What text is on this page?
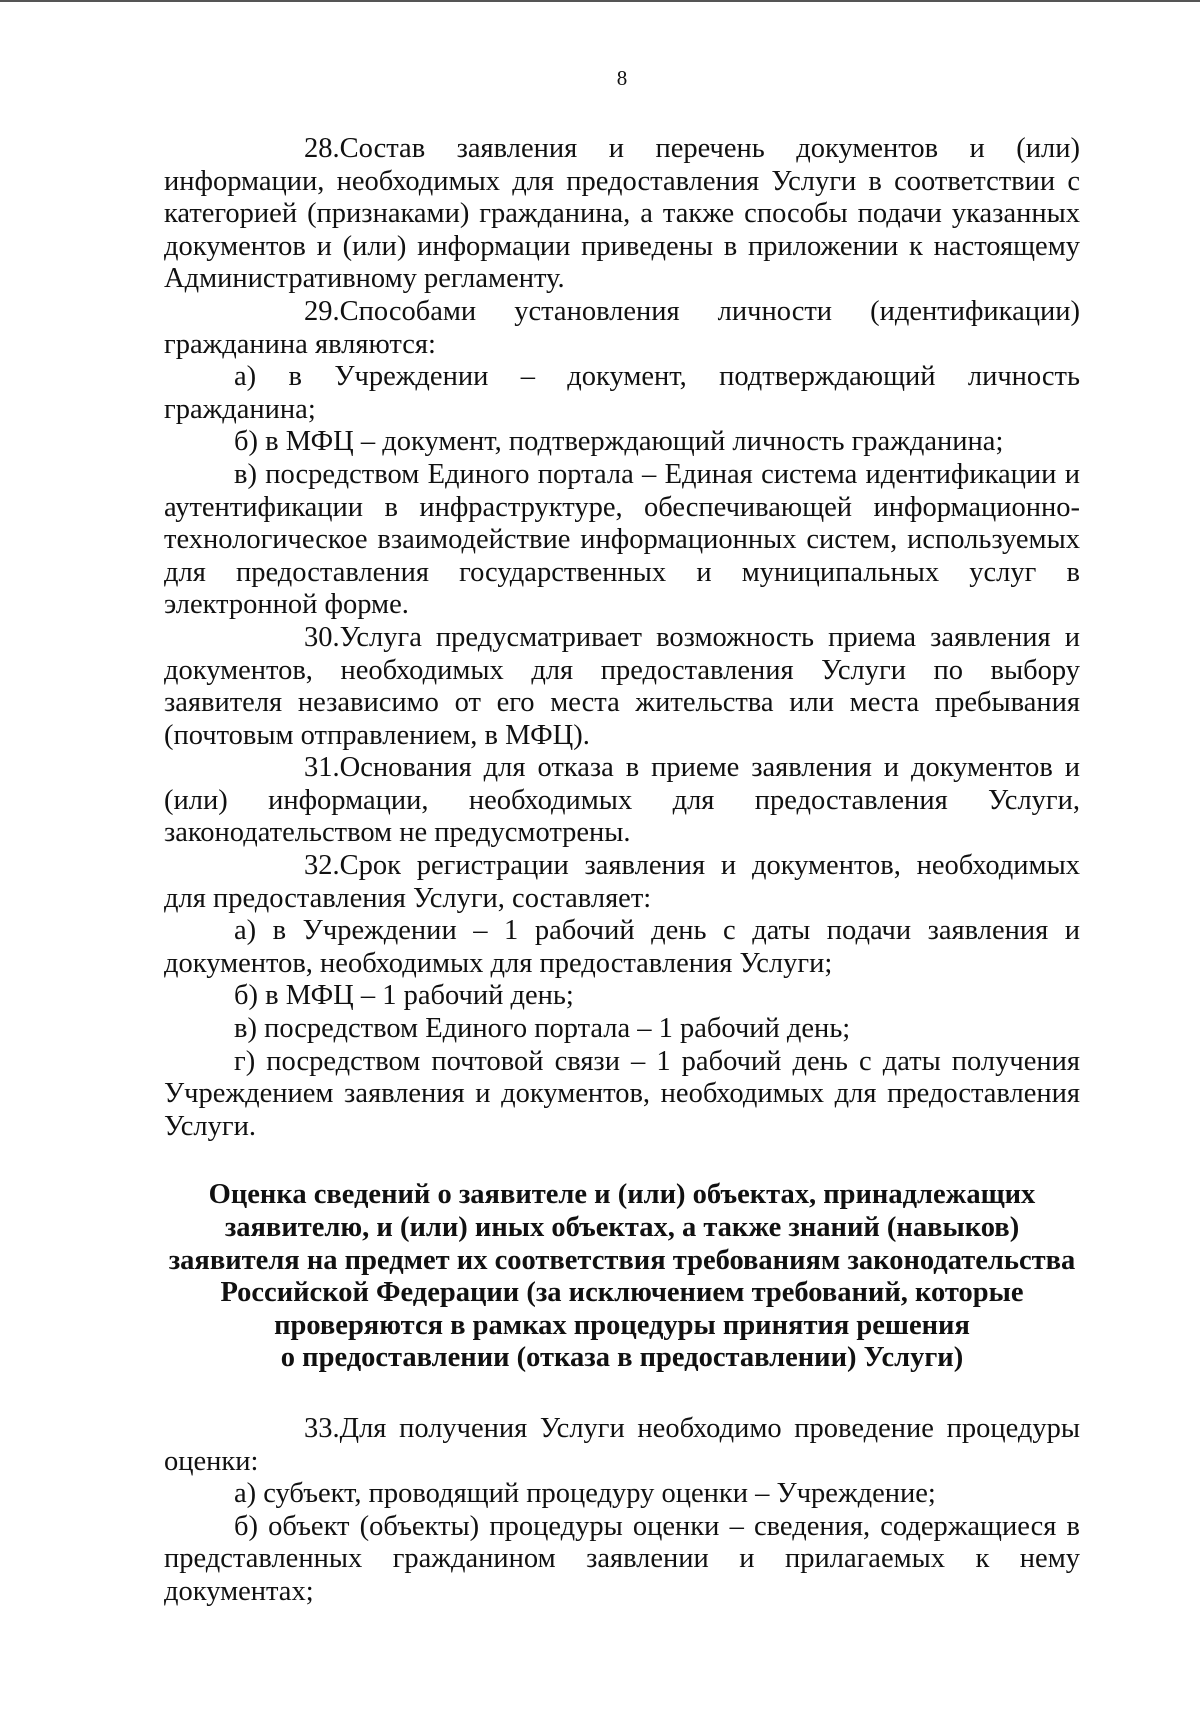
8

28.Состав заявления и перечень документов и (или) информации, необходимых для предоставления Услуги в соответствии с категорией (признаками) гражданина, а также способы подачи указанных документов и (или) информации приведены в приложении к настоящему Административному регламенту.

29.Способами установления личности (идентификации) гражданина являются:

а) в Учреждении – документ, подтверждающий личность гражданина;

б) в МФЦ – документ, подтверждающий личность гражданина;

в) посредством Единого портала – Единая система идентификации и аутентификации в инфраструктуре, обеспечивающей информационно-технологическое взаимодействие информационных систем, используемых для предоставления государственных и муниципальных услуг в электронной форме.

30.Услуга предусматривает возможность приема заявления и документов, необходимых для предоставления Услуги по выбору заявителя независимо от его места жительства или места пребывания (почтовым отправлением, в МФЦ).

31.Основания для отказа в приеме заявления и документов и (или) информации, необходимых для предоставления Услуги, законодательством не предусмотрены.

32.Срок регистрации заявления и документов, необходимых для предоставления Услуги, составляет:

а) в Учреждении – 1 рабочий день с даты подачи заявления и документов, необходимых для предоставления Услуги;

б) в МФЦ – 1 рабочий день;

в) посредством Единого портала – 1 рабочий день;

г) посредством почтовой связи – 1 рабочий день с даты получения Учреждением заявления и документов, необходимых для предоставления Услуги.

Оценка сведений о заявителе и (или) объектах, принадлежащих
заявителю, и (или) иных объектах, а также знаний (навыков)
заявителя на предмет их соответствия требованиям законодательства
Российской Федерации (за исключением требований, которые
проверяются в рамках процедуры принятия решения
о предоставлении (отказа в предоставлении) Услуги)

33.Для получения Услуги необходимо проведение процедуры оценки:

а) субъект, проводящий процедуру оценки – Учреждение;

б) объект (объекты) процедуры оценки – сведения, содержащиеся в представленных гражданином заявлении и прилагаемых к нему документах;
